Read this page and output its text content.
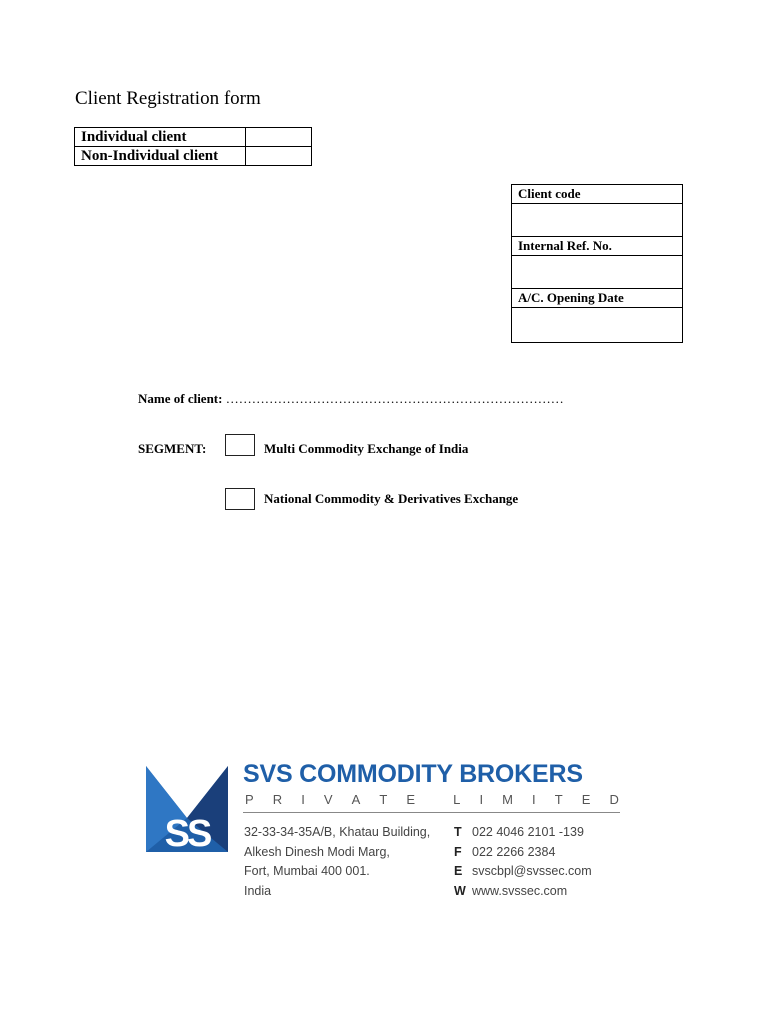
Client Registration form
Individual client	
Non-Individual client	
Client code
Internal Ref. No.
A/C. Opening Date
Name of client: ……………………………………………………………………
SEGMENT:	Multi Commodity Exchange of India
National Commodity & Derivatives Exchange
SS
SVS COMMODITY BROKERS
P R I V A T E	L I M I T E D
32-33-34-35A/B, Khatau Building,
Alkesh Dinesh Modi Marg,
Fort, Mumbai 400 001.
India
T 022 4046 2101 -139
F 022 2266 2384
E svscbpl@svssec.com
W www.svssec.com
